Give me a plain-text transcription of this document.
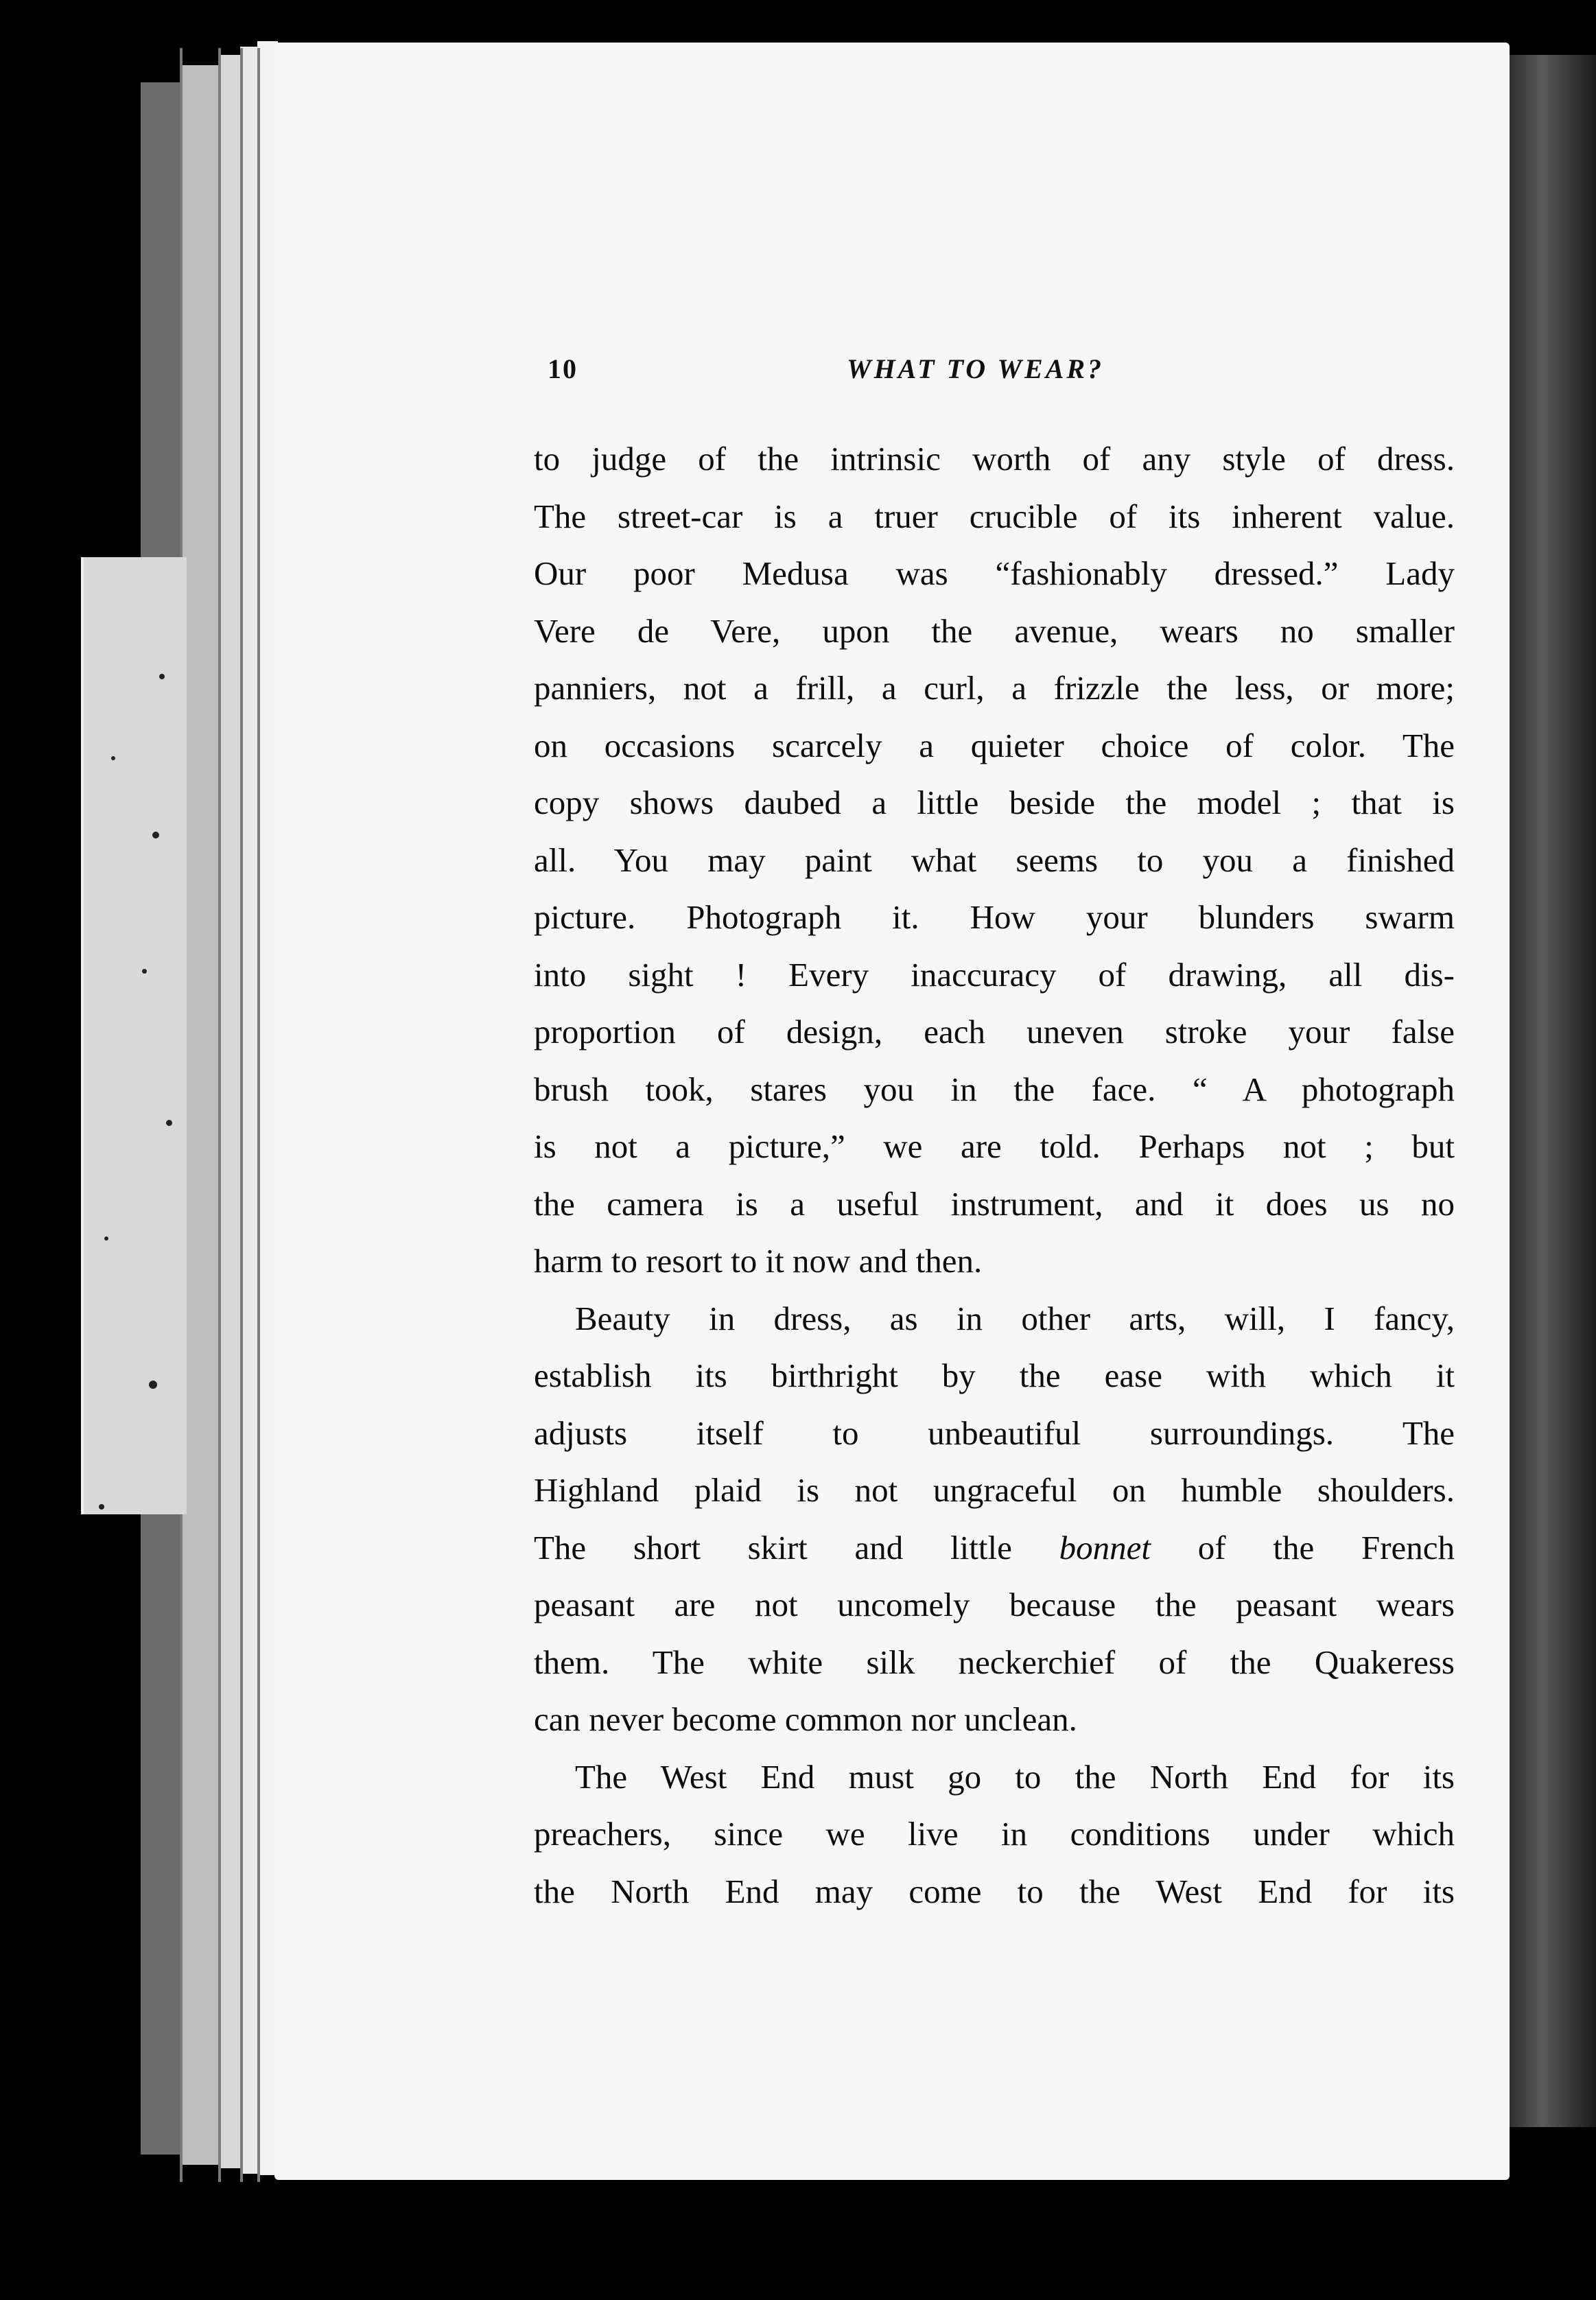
10	WHAT TO WEAR?
to judge of the intrinsic worth of any style of dress.
The street-car is a truer crucible of its inherent value.
Our poor Medusa was “fashionably dressed.” Lady
Vere de Vere, upon the avenue, wears no smaller
panniers, not a frill, a curl, a frizzle the less, or more;
on occasions scarcely a quieter choice of color. The
copy shows daubed a little beside the model ; that is
all. You may paint what seems to you a finished
picture. Photograph it. How your blunders swarm
into sight ! Every inaccuracy of drawing, all dis-
proportion of design, each uneven stroke your false
brush took, stares you in the face. “ A photograph
is not a picture,” we are told. Perhaps not ; but
the camera is a useful instrument, and it does us no
harm to resort to it now and then.
Beauty in dress, as in other arts, will, I fancy,
establish its birthright by the ease with which it
adjusts itself to unbeautiful surroundings. The
Highland plaid is not ungraceful on humble shoulders.
The short skirt and little bonnet of the French
peasant are not uncomely because the peasant wears
them. The white silk neckerchief of the Quakeress
can never become common nor unclean.
The West End must go to the North End for its
preachers, since we live in conditions under which
the North End may come to the West End for its
